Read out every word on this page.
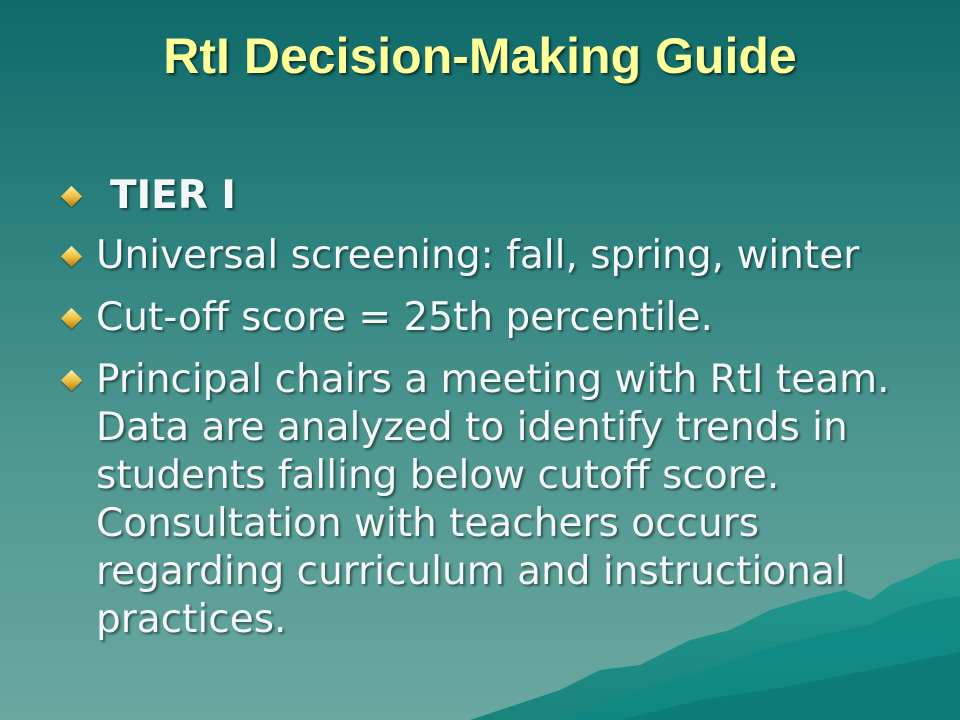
RtI Decision-Making Guide
TIER I
Universal screening: fall, spring, winter
Cut-off score = 25th percentile.
Principal chairs a meeting with RtI team. Data are analyzed to identify trends in students falling below cutoff score. Consultation with teachers occurs regarding curriculum and instructional practices.
